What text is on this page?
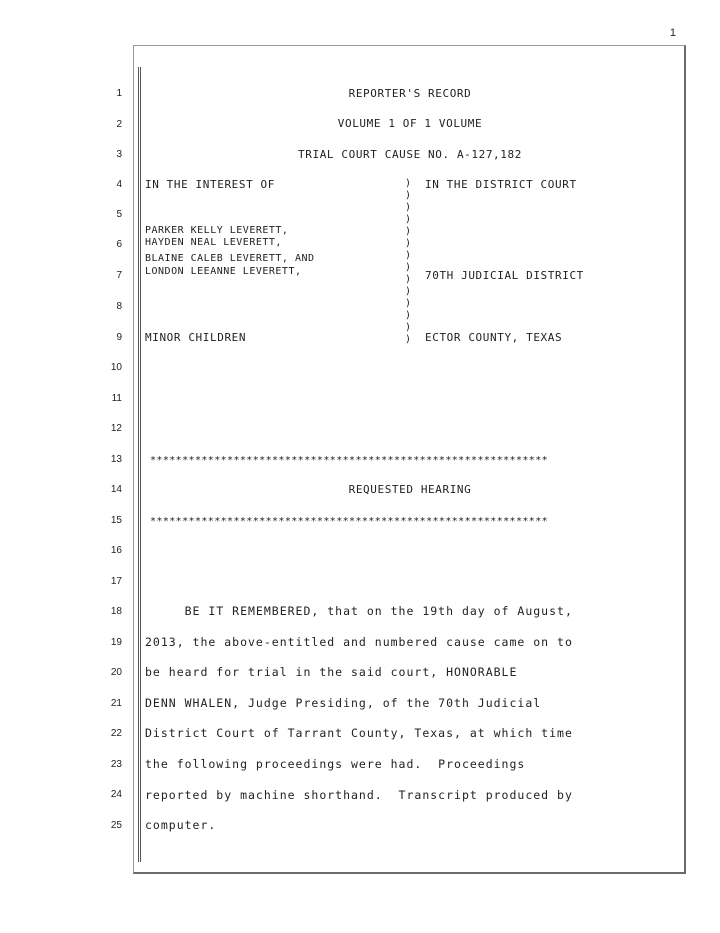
1
1
2
3
4
5
6
7
8
9
10
11
12
13
14
15
16
17
18
19
20
21
22
23
24
25
REPORTER'S RECORD
VOLUME 1 OF 1 VOLUME
TRIAL COURT CAUSE NO. A-127,182
IN THE INTEREST OF
PARKER KELLY LEVERETT,
HAYDEN NEAL LEVERETT,
BLAINE CALEB LEVERETT, AND
LONDON LEEANNE LEVERETT,
MINOR CHILDREN
)
)
)
)
)
)
)
)
)
)
)
)
)
)
IN THE DISTRICT COURT
70TH JUDICIAL DISTRICT
ECTOR COUNTY, TEXAS
**************************************************************
REQUESTED HEARING
**************************************************************
BE IT REMEMBERED, that on the 19th day of August,
2013, the above-entitled and numbered cause came on to
be heard for trial in the said court, HONORABLE
DENN WHALEN, Judge Presiding, of the 70th Judicial
District Court of Tarrant County, Texas, at which time
the following proceedings were had.  Proceedings
reported by machine shorthand.  Transcript produced by
computer.
